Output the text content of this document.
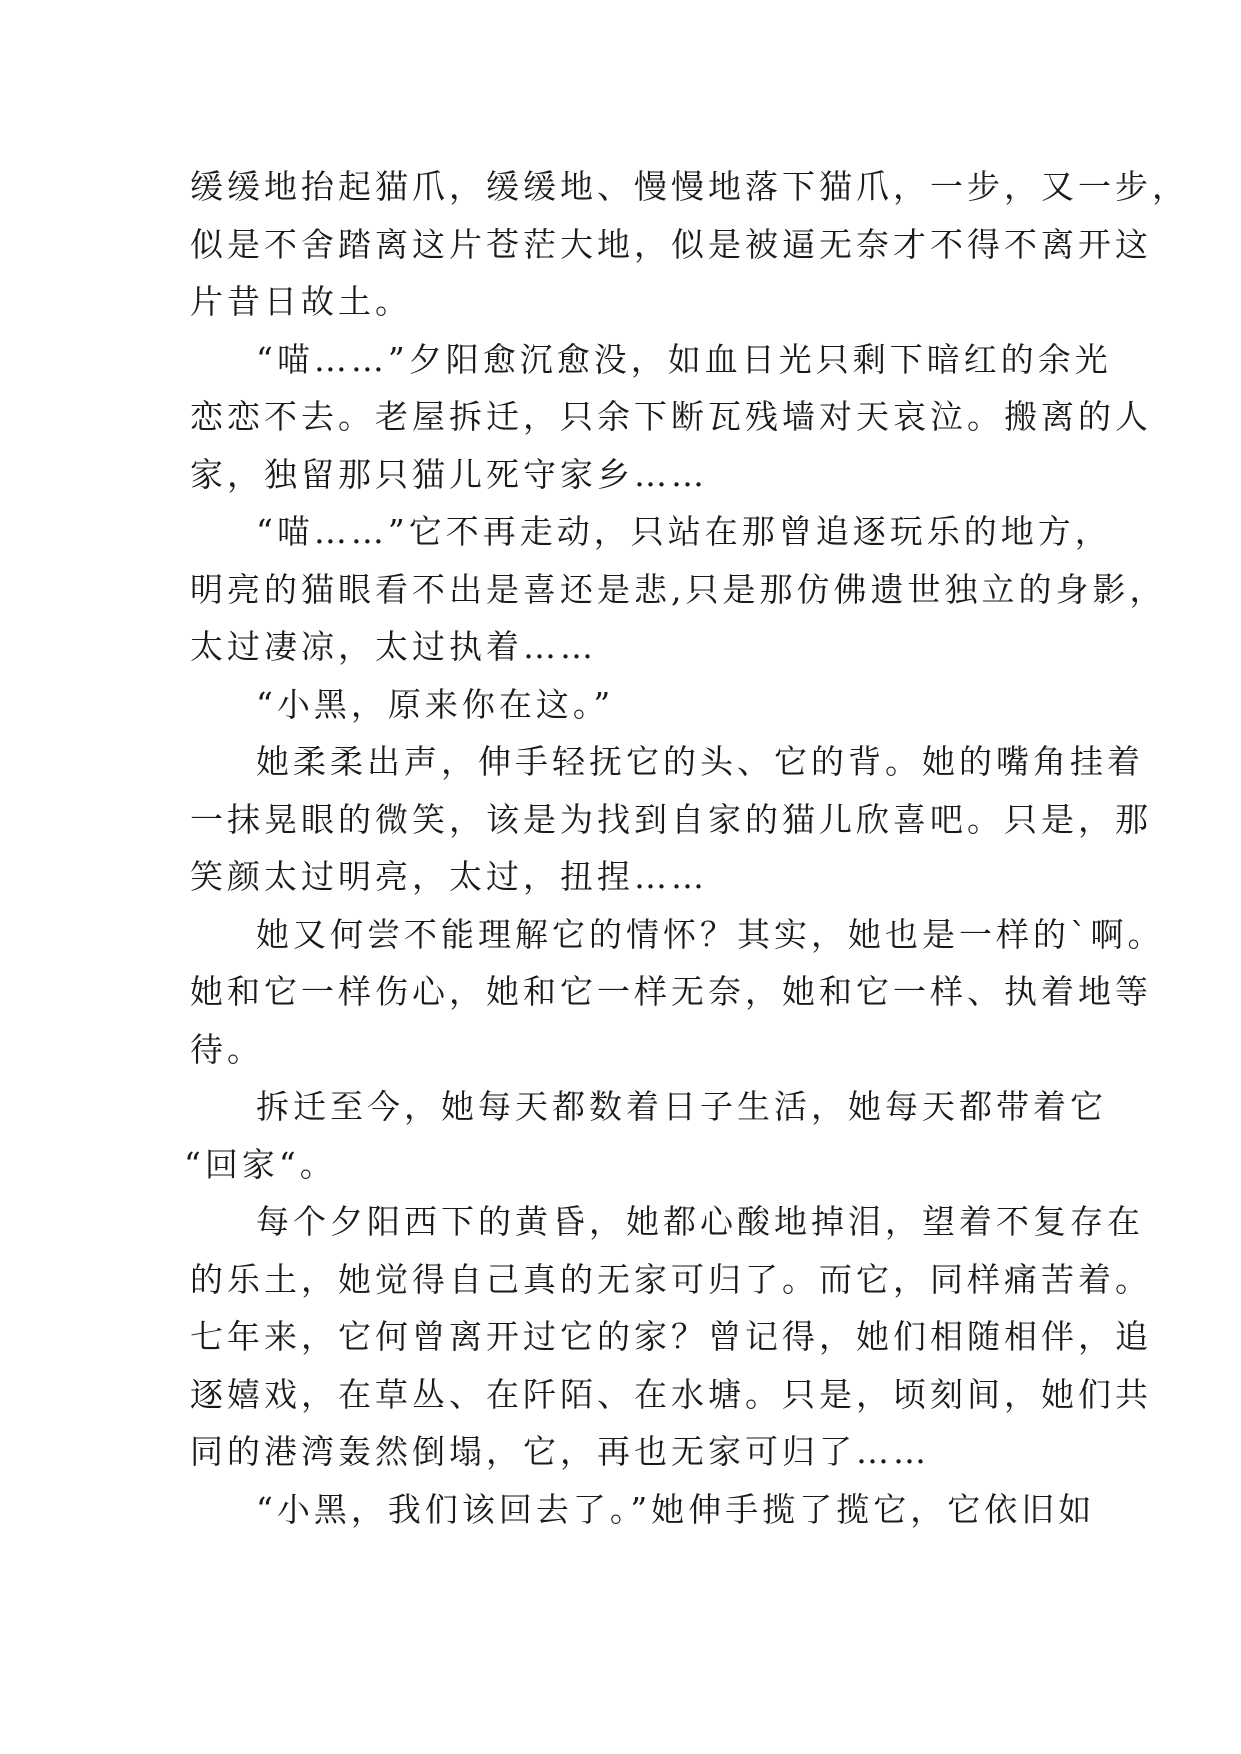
缓缓地抬起猫爪，缓缓地、慢慢地落下猫爪，一步，又一步，
似是不舍踏离这片苍茫大地，似是被逼无奈才不得不离开这
片昔日故土。
“喵……”夕阳愈沉愈没，如血日光只剩下暗红的余光
恋恋不去。老屋拆迁，只余下断瓦残墙对天哀泣。搬离的人
家，独留那只猫儿死守家乡……
“喵……”它不再走动，只站在那曾追逐玩乐的地方，
明亮的猫眼看不出是喜还是悲,只是那仿佛遗世独立的身影，
太过凄凉，太过执着……
“小黑，原来你在这。”
她柔柔出声，伸手轻抚它的头、它的背。她的嘴角挂着
一抹晃眼的微笑，该是为找到自家的猫儿欣喜吧。只是，那
笑颜太过明亮，太过，扭捏……
她又何尝不能理解它的情怀？其实，她也是一样的`啊。
她和它一样伤心，她和它一样无奈，她和它一样、执着地等
待。
拆迁至今，她每天都数着日子生活，她每天都带着它
“回家“。
每个夕阳西下的黄昏，她都心酸地掉泪，望着不复存在
的乐土，她觉得自己真的无家可归了。而它，同样痛苦着。
七年来，它何曾离开过它的家？曾记得，她们相随相伴，追
逐嬉戏，在草丛、在阡陌、在水塘。只是，顷刻间，她们共
同的港湾轰然倒塌，它，再也无家可归了……
“小黑，我们该回去了。”她伸手揽了揽它，它依旧如
